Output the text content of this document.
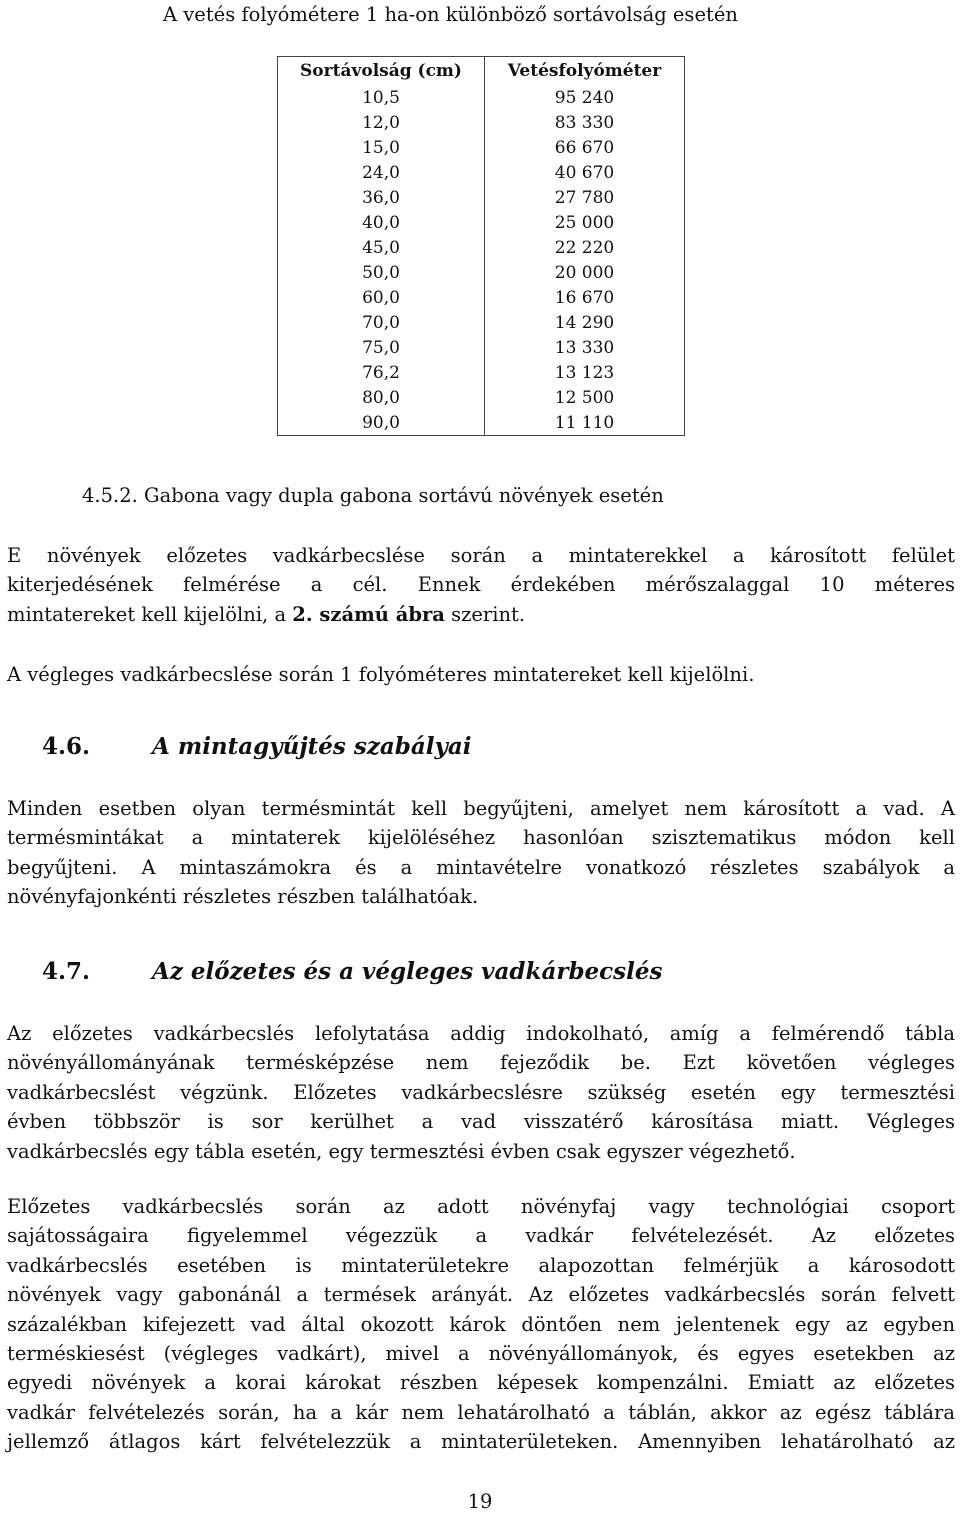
A vetés folyómétere 1 ha-on különböző sortávolság esetén
Sortávolság (cm)	Vetésfolyóméter
10,5	95 240
12,0	83 330
15,0	66 670
24,0	40 670
36,0	27 780
40,0	25 000
45,0	22 220
50,0	20 000
60,0	16 670
70,0	14 290
75,0	13 330
76,2	13 123
80,0	12 500
90,0	11 110
4.5.2. Gabona vagy dupla gabona sortávú növények esetén
E növények előzetes vadkárbecslése során a mintaterekkel a károsított felület
kiterjedésének felmérése a cél. Ennek érdekében mérőszalaggal 10 méteres
mintatereket kell kijelölni, a 2. számú ábra szerint.
A végleges vadkárbecslése során 1 folyóméteres mintatereket kell kijelölni.
4.6.	A mintagyűjtés szabályai
Minden esetben olyan termésmintát kell begyűjteni, amelyet nem károsított a vad. A
termésmintákat a mintaterek kijelöléséhez hasonlóan szisztematikus módon kell
begyűjteni. A mintaszámokra és a mintavételre vonatkozó részletes szabályok a
növényfajonkénti részletes részben találhatóak.
4.7.	Az előzetes és a végleges vadkárbecslés
Az előzetes vadkárbecslés lefolytatása addig indokolható, amíg a felmérendő tábla
növényállományának termésképzése nem fejeződik be. Ezt követően végleges
vadkárbecslést végzünk. Előzetes vadkárbecslésre szükség esetén egy termesztési
évben többször is sor kerülhet a vad visszatérő károsítása miatt. Végleges
vadkárbecslés egy tábla esetén, egy termesztési évben csak egyszer végezhető.
Előzetes vadkárbecslés során az adott növényfaj vagy technológiai csoport
sajátosságaira figyelemmel végezzük a vadkár felvételezését. Az előzetes
vadkárbecslés esetében is mintaterületekre alapozottan felmérjük a károsodott
növények vagy gabonánál a termések arányát. Az előzetes vadkárbecslés során felvett
százalékban kifejezett vad által okozott károk döntően nem jelentenek egy az egyben
terméskiesést (végleges vadkárt), mivel a növényállományok, és egyes esetekben az
egyedi növények a korai károkat részben képesek kompenzálni. Emiatt az előzetes
vadkár felvételezés során, ha a kár nem lehatárolható a táblán, akkor az egész táblára
jellemző átlagos kárt felvételezzük a mintaterületeken. Amennyiben lehatárolható az
19
